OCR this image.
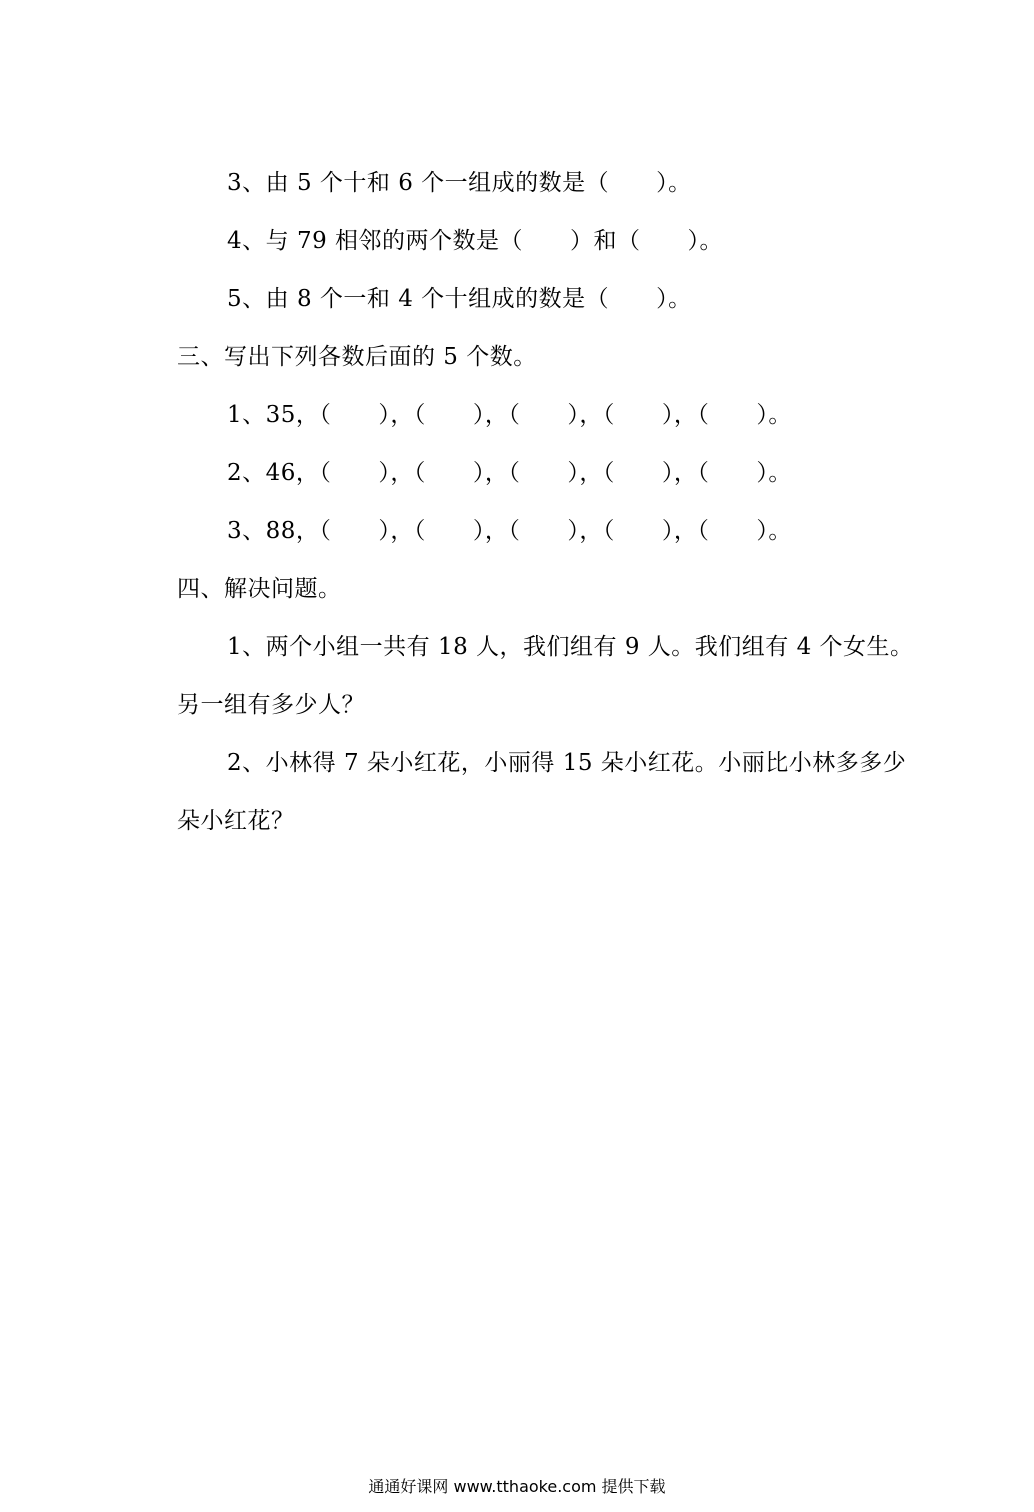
3、由 5 个十和 6 个一组成的数是（　　）。
4、与 79 相邻的两个数是（　　）和（　　）。
5、由 8 个一和 4 个十组成的数是（　　）。
三、写出下列各数后面的 5 个数。
1、35，（　　），（　　），（　　），（　　），（　　）。
2、46，（　　），（　　），（　　），（　　），（　　）。
3、88，（　　），（　　），（　　），（　　），（　　）。
四、解决问题。
1、两个小组一共有 18 人，我们组有 9 人。我们组有 4 个女生。
另一组有多少人？
2、小林得 7 朵小红花，小丽得 15 朵小红花。小丽比小林多多少
朵小红花？
通通好课网 www.tthaoke.com 提供下载
